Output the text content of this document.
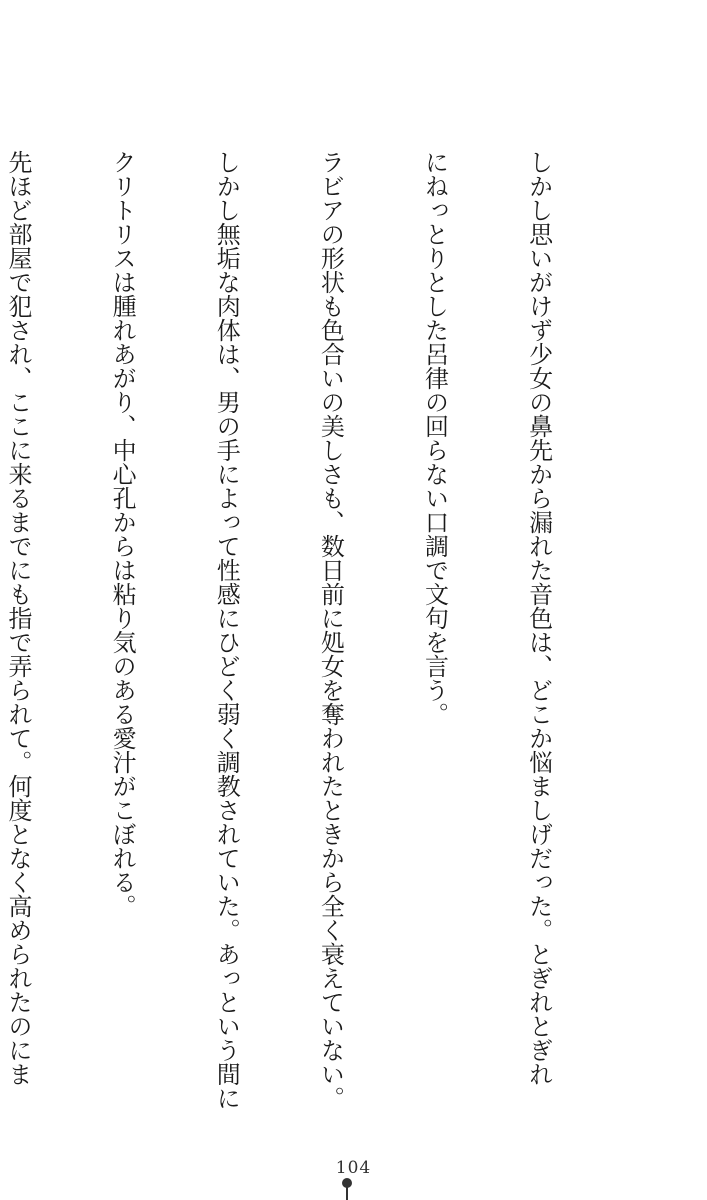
しかし思いがけず少女の鼻先から漏れた音色は、どこか悩ましげだった。とぎれとぎれ

にねっとりとした呂律の回らない口調で文句を言う。

ラビアの形状も色合いの美しさも、数日前に処女を奪われたときから全く衰えていない。

しかし無垢な肉体は、男の手によって性感にひどく弱く調教されていた。あっという間に

クリトリスは腫れあがり、中心孔からは粘り気のある愛汁がこぼれる。

先ほど部屋で犯され、ここに来るまでにも指で弄られて。何度となく高められたのにま

104
